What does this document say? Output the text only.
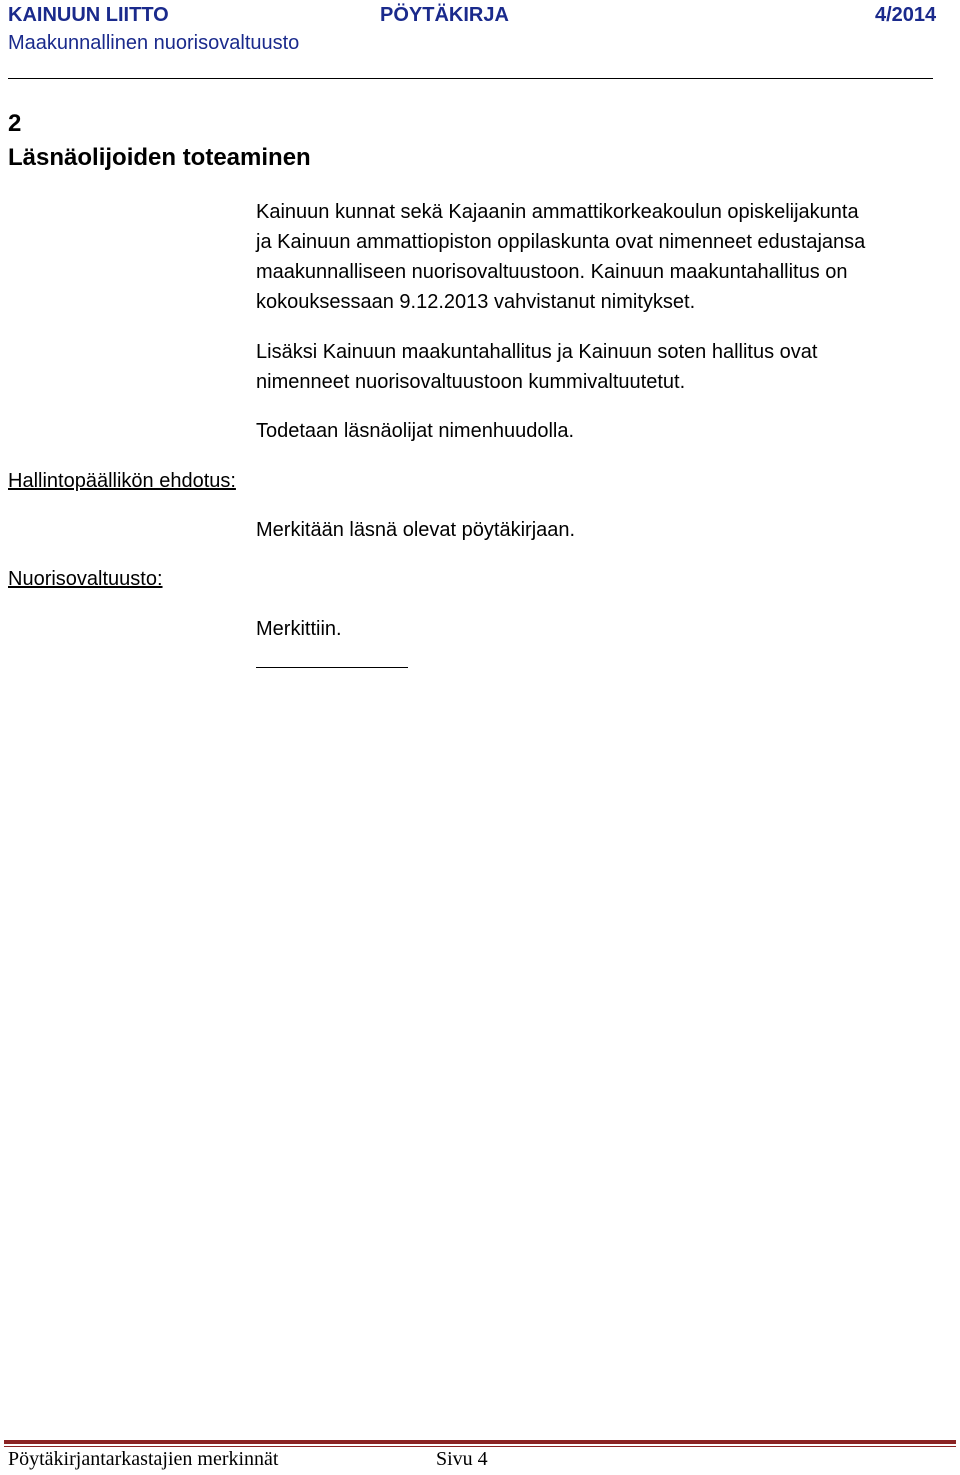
KAINUUN LIITTO	PÖYTÄKIRJA	4/2014
Maakunnallinen nuorisovaltuusto
2
Läsnäolijoiden toteaminen
Kainuun kunnat sekä Kajaanin ammattikorkeakoulun opiskelijakunta
ja Kainuun ammattiopiston oppilaskunta ovat nimenneet edustajansa
maakunnalliseen nuorisovaltuustoon. Kainuun maakuntahallitus on
kokouksessaan 9.12.2013 vahvistanut nimitykset.
Lisäksi Kainuun maakuntahallitus ja Kainuun soten hallitus ovat
nimenneet nuorisovaltuustoon kummivaltuutetut.
Todetaan läsnäolijat nimenhuudolla.
Hallintopäällikön ehdotus:
Merkitään läsnä olevat pöytäkirjaan.
Nuorisovaltuusto:
Merkittiin.
Pöytäkirjantarkastajien merkinnät	Sivu 4
